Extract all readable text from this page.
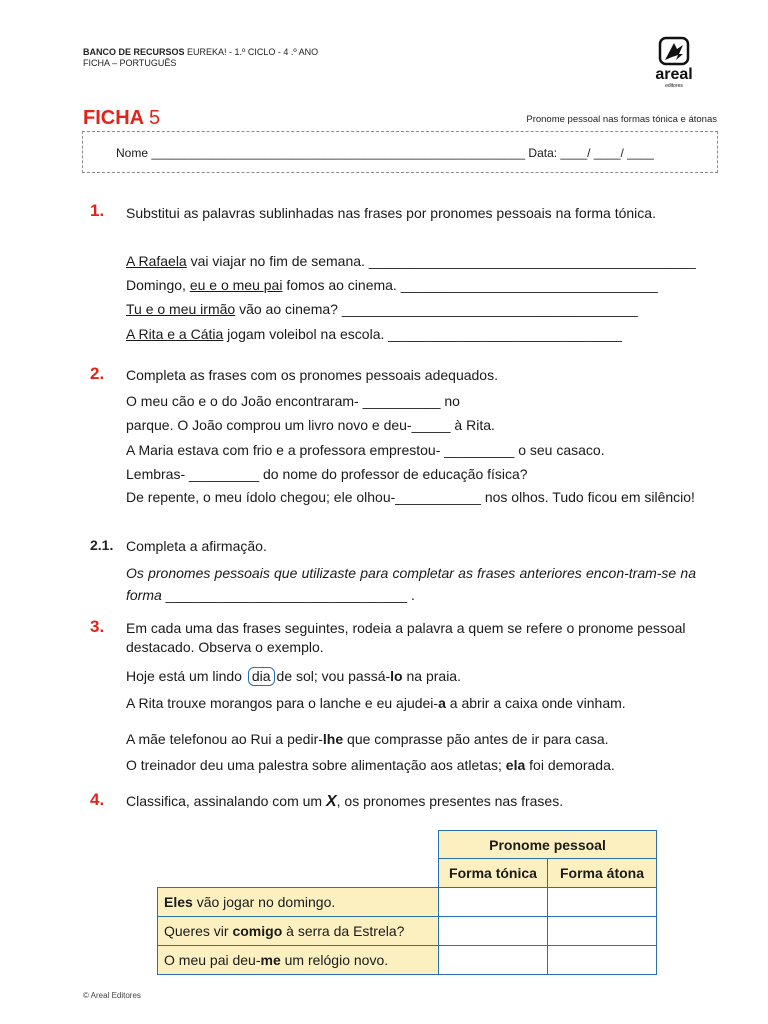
BANCO DE RECURSOS EUREKA! - 1.º CICLO - 4 .º ANO
FICHA – PORTUGUÊS
areal
editores
FICHA 5	Pronome pessoal nas formas tónica e átonas
Nome ________________________________________________________ Data: ____/ ____/ ____
1. Substitui as palavras sublinhadas nas frases por pronomes pessoais na forma tónica.
A Rafaela vai viajar no fim de semana. __________________________________________
Domingo, eu e o meu pai fomos ao cinema. _________________________________
Tu e o meu irmão vão ao cinema? ______________________________________
A Rita e a Cátia jogam voleibol na escola. ______________________________
2. Completa as frases com os pronomes pessoais adequados.
O meu cão e o do João encontraram- __________ no
parque. O João comprou um livro novo e deu-_____ à Rita.
A Maria estava com frio e a professora emprestou- _________ o seu casaco.
Lembras- _________ do nome do professor de educação física?
De repente, o meu ídolo chegou; ele olhou-___________ nos olhos. Tudo ficou em silêncio!
2.1. Completa a afirmação.
Os pronomes pessoais que utilizaste para completar as frases anteriores encon-tram-se na forma _______________________________ .
3. Em cada uma das frases seguintes, rodeia a palavra a quem se refere o pronome pessoal destacado. Observa o exemplo.
Hoje está um lindo dia de sol; vou passá-lo na praia.
A Rita trouxe morangos para o lanche e eu ajudei-a a abrir a caixa onde vinham.
A mãe telefonou ao Rui a pedir-lhe que comprasse pão antes de ir para casa.
O treinador deu uma palestra sobre alimentação aos atletas; ela foi demorada.
4. Classifica, assinalando com um X, os pronomes presentes nas frases.
	Pronome pessoal	
	Forma tónica	Forma átona
Eles vão jogar no domingo.		
Queres vir comigo à serra da Estrela?		
O meu pai deu-me um relógio novo.		
© Areal Editores
